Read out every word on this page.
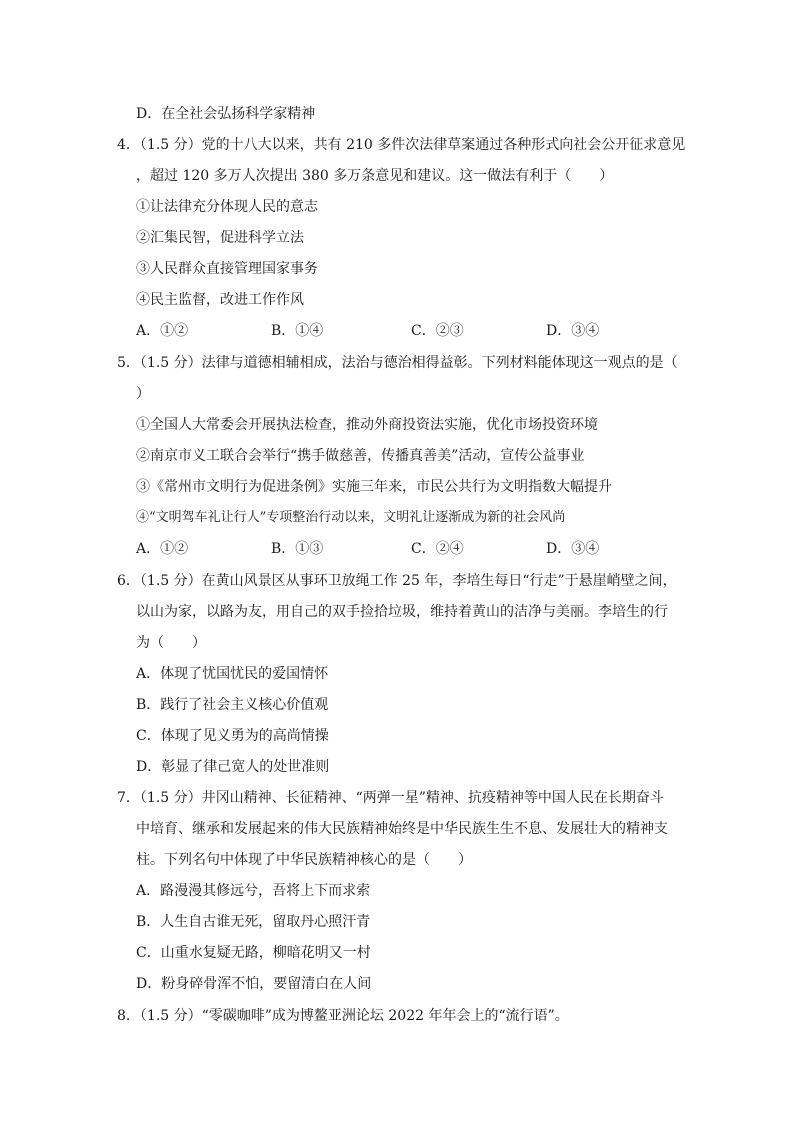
D．在全社会弘扬科学家精神
4．（1.5 分）党的十八大以来，共有 210 多件次法律草案通过各种形式向社会公开征求意见
，超过 120 多万人次提出 380 多万条意见和建议。这一做法有利于（　　）
①让法律充分体现人民的意志
②汇集民智，促进科学立法
③人民群众直接管理国家事务
④民主监督，改进工作作风
A．①②	B．①④	C．②③	D．③④
5．（1.5 分）法律与道德相辅相成，法治与德治相得益彰。下列材料能体现这一观点的是（
）
①全国人大常委会开展执法检查，推动外商投资法实施，优化市场投资环境
②南京市义工联合会举行“携手做慈善，传播真善美”活动，宣传公益事业
③《常州市文明行为促进条例》实施三年来，市民公共行为文明指数大幅提升
④“文明驾车礼让行人”专项整治行动以来，文明礼让逐渐成为新的社会风尚
A．①②	B．①③	C．②④	D．③④
6．（1.5 分）在黄山风景区从事环卫放绳工作 25 年，李培生每日“行走”于悬崖峭壁之间，
以山为家，以路为友，用自己的双手捡拾垃圾，维持着黄山的洁净与美丽。李培生的行
为（　　）
A．体现了忧国忧民的爱国情怀
B．践行了社会主义核心价值观
C．体现了见义勇为的高尚情操
D．彰显了律己宽人的处世准则
7．（1.5 分）井冈山精神、长征精神、“两弹一星”精神、抗疫精神等中国人民在长期奋斗
中培育、继承和发展起来的伟大民族精神始终是中华民族生生不息、发展壮大的精神支
柱。下列名句中体现了中华民族精神核心的是（　　）
A．路漫漫其修远兮，吾将上下而求索
B．人生自古谁无死，留取丹心照汗青
C．山重水复疑无路，柳暗花明又一村
D．粉身碎骨浑不怕，要留清白在人间
8．（1.5 分）“零碳咖啡”成为博鳌亚洲论坛 2022 年年会上的“流行语”。
